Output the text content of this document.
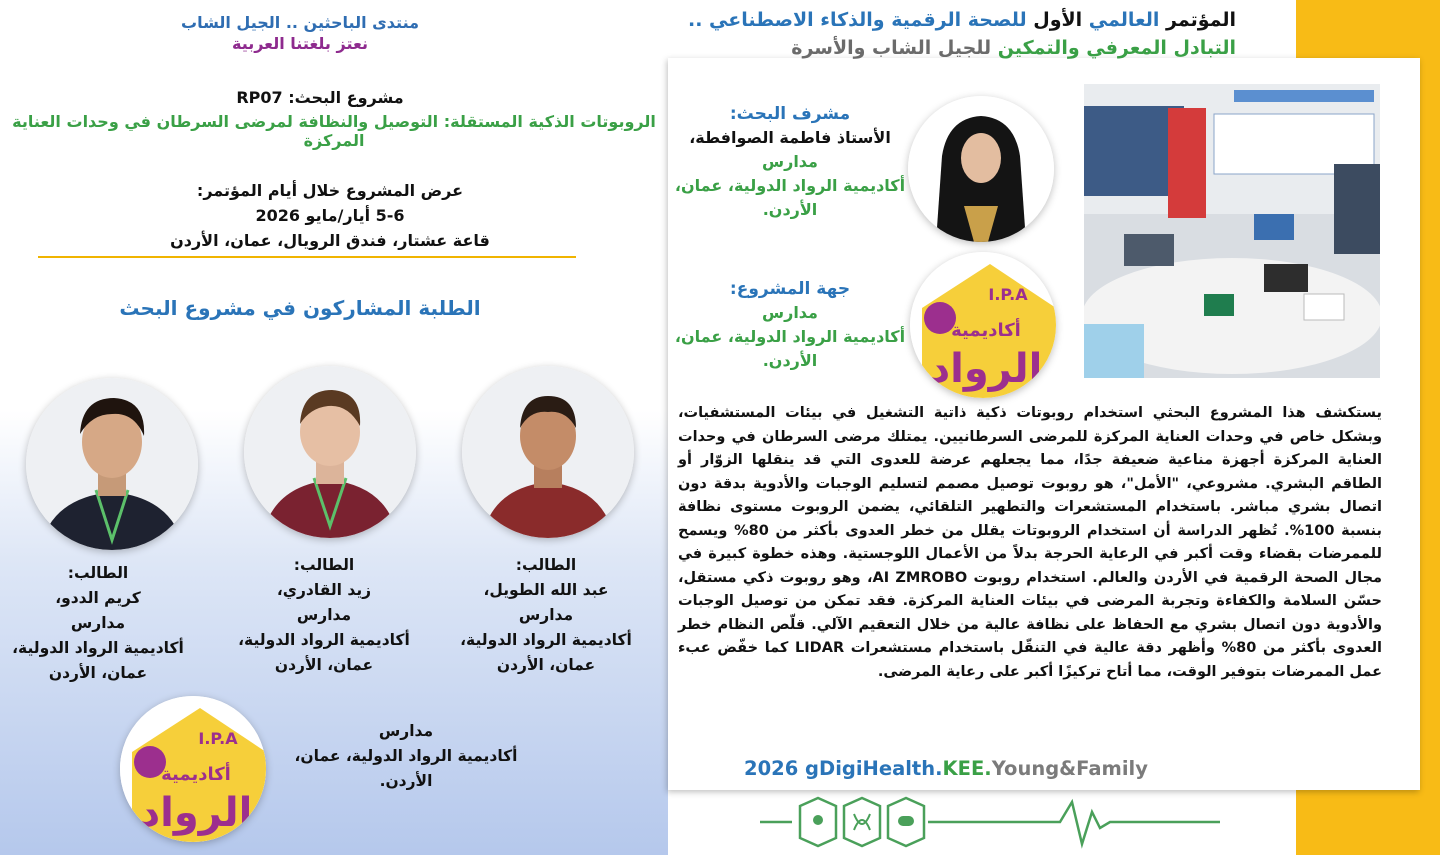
المؤتمر العالمي الأول للصحة الرقمية والذكاء الاصطناعي ..
التبادل المعرفي والتمكين للجيل الشاب والأسرة
منتدى الباحثين .. الجيل الشاب
نعتز بلغتنا العربية
مشروع البحث: RP07
الروبوتات الذكية المستقلة: التوصيل والنظافة لمرضى السرطان في وحدات العناية المركزة
عرض المشروع خلال أيام المؤتمر:
5-6 أيار/مايو 2026
قاعة عشتار، فندق الرويال، عمان، الأردن
الطلبة المشاركون في مشروع البحث
الطالب:
عبد الله الطويل،
مدارس
أكاديمية الرواد الدولية،
عمان، الأردن
الطالب:
زيد القادري،
مدارس
أكاديمية الرواد الدولية،
عمان، الأردن
الطالب:
كريم الددو،
مدارس
أكاديمية الرواد الدولية،
عمان، الأردن
I.P.A
أكاديمية
الرواد
مدارس
أكاديمية الرواد الدولية، عمان،
الأردن.
مشرف البحث:
الأستاذ فاطمة الصوافطة،
مدارس
أكاديمية الرواد الدولية، عمان،
الأردن.
I.P.A
أكاديمية
الرواد
جهة المشروع:
مدارس
أكاديمية الرواد الدولية، عمان،
الأردن.
يستكشف هذا المشروع البحثي استخدام روبوتات ذكية ذاتية التشغيل في بيئات المستشفيات، وبشكل خاص في وحدات العناية المركزة للمرضى السرطانيين. يمتلك مرضى السرطان في وحدات العناية المركزة أجهزة مناعية ضعيفة جدًا، مما يجعلهم عرضة للعدوى التي قد ينقلها الزوّار أو الطاقم البشري. مشروعي، "الأمل"، هو روبوت توصيل مصمم لتسليم الوجبات والأدوية بدقة دون اتصال بشري مباشر. باستخدام المستشعرات والتطهير التلقائي، يضمن الروبوت مستوى نظافة بنسبة 100%. تُظهر الدراسة أن استخدام الروبوتات يقلل من خطر العدوى بأكثر من 80% ويسمح للممرضات بقضاء وقت أكبر في الرعاية الحرجة بدلاً من الأعمال اللوجستية. وهذه خطوة كبيرة في مجال الصحة الرقمية في الأردن والعالم. استخدام روبوت AI ZMROBO، وهو روبوت ذكي مستقل، حسّن السلامة والكفاءة وتجربة المرضى في بيئات العناية المركزة. فقد تمكن من توصيل الوجبات والأدوية دون اتصال بشري مع الحفاظ على نظافة عالية من خلال التعقيم الآلي. قلّص النظام خطر العدوى بأكثر من 80% وأظهر دقة عالية في التنقّل باستخدام مستشعرات LIDAR كما خفّض عبء عمل الممرضات بتوفير الوقت، مما أتاح تركيزًا أكبر على رعاية المرضى.
2026 gDigiHealth.KEE.Young&Family
